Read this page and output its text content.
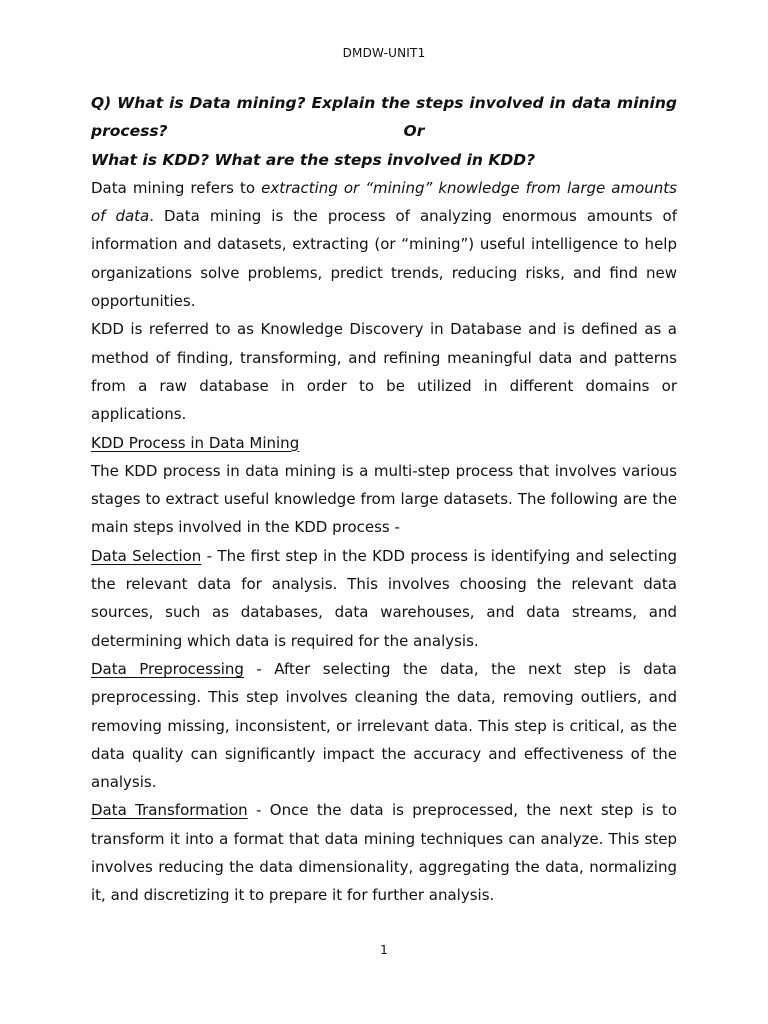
DMDW-UNIT1

Q) What is Data mining? Explain the steps involved in data mining process?	Or
What is KDD? What are the steps involved in KDD?

Data mining refers to extracting or “mining” knowledge from large amounts of data. Data mining is the process of analyzing enormous amounts of information and datasets, extracting (or “mining”) useful intelligence to help organizations solve problems, predict trends, reducing risks, and find new opportunities.

KDD is referred to as Knowledge Discovery in Database and is defined as a method of finding, transforming, and refining meaningful data and patterns from a raw database in order to be utilized in different domains or applications.

KDD Process in Data Mining

The KDD process in data mining is a multi-step process that involves various stages to extract useful knowledge from large datasets. The following are the main steps involved in the KDD process -

Data Selection - The first step in the KDD process is identifying and selecting the relevant data for analysis. This involves choosing the relevant data sources, such as databases, data warehouses, and data streams, and determining which data is required for the analysis.

Data Preprocessing - After selecting the data, the next step is data preprocessing. This step involves cleaning the data, removing outliers, and removing missing, inconsistent, or irrelevant data. This step is critical, as the data quality can significantly impact the accuracy and effectiveness of the analysis.

Data Transformation - Once the data is preprocessed, the next step is to transform it into a format that data mining techniques can analyze. This step involves reducing the data dimensionality, aggregating the data, normalizing it, and discretizing it to prepare it for further analysis.

1
